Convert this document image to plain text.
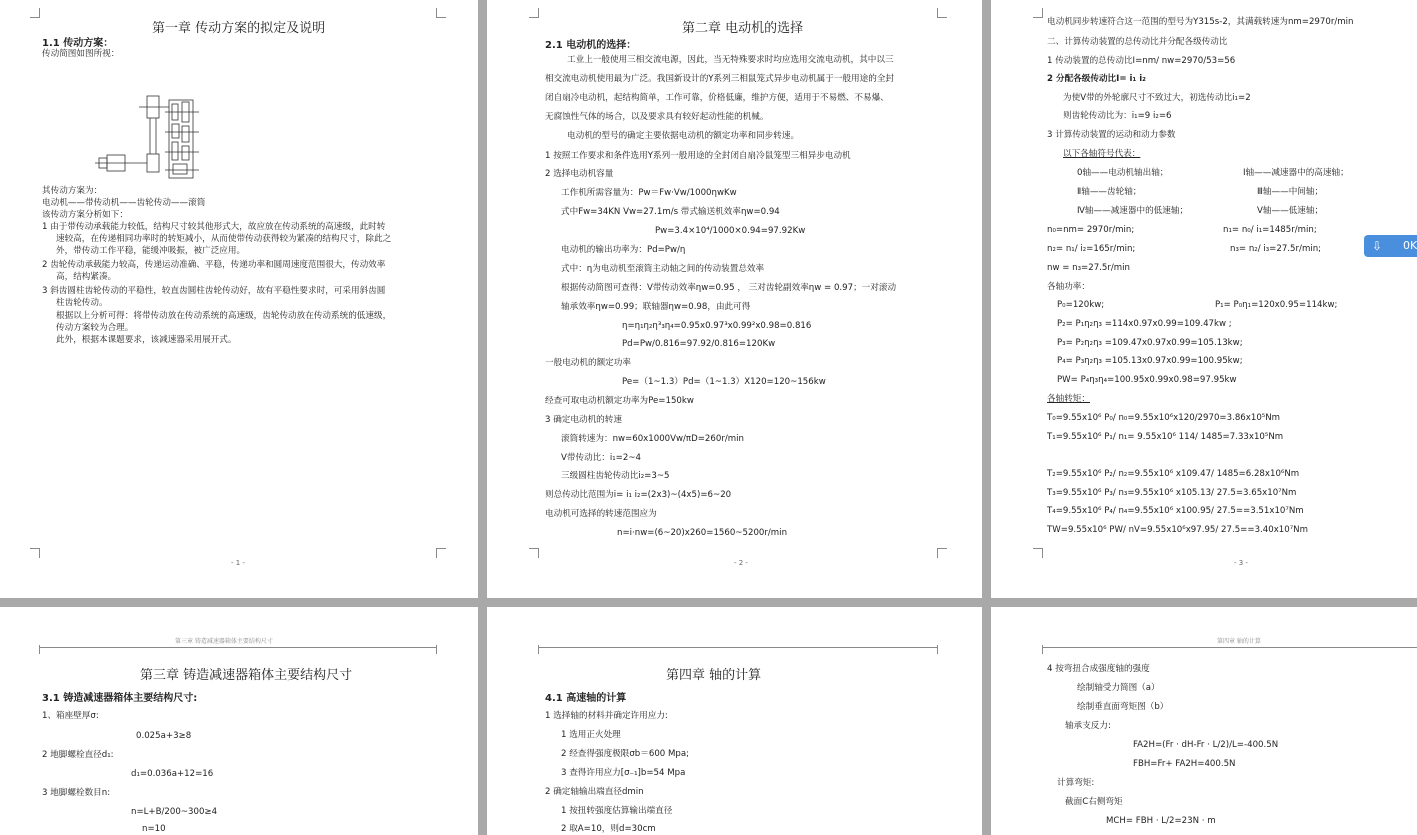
第一章 传动方案的拟定及说明
1.1 传动方案：
传动简图如图所视：
其传动方案为：
电动机——带传动机——齿轮传动——滚筒
该传动方案分析如下：
1 由于带传动承载能力较低，结构尺寸较其他形式大，故应放在传动系统的高速级，此时转
速较高，在传递相同功率时的转矩减小，从而使带传动获得较为紧凑的结构尺寸，除此之
外，带传动工作平稳，能缓冲吸振，被广泛应用。
2 齿轮传动承载能力较高，传递运动准确、平稳，传递功率和圆周速度范围很大，传动效率
高，结构紧凑。
3 斜齿圆柱齿轮传动的平稳性，较直齿圆柱齿轮传动好，故有平稳性要求时，可采用斜齿圆
柱齿轮传动。
根据以上分析可得：将带传动放在传动系统的高速级，齿轮传动放在传动系统的低速级，
传动方案较为合理。
此外，根据本课题要求，该减速器采用展开式。
- 1 -
第二章 电动机的选择
2.1 电动机的选择：
工业上一般使用三相交流电源，因此，当无特殊要求时均应选用交流电动机，其中以三
相交流电动机使用最为广泛。我国新设计的Y系列三相鼠笼式异步电动机属于一般用途的全封
闭自扇冷电动机，起结构简单，工作可靠，价格低廉，维护方便，适用于不易燃、不易爆、
无腐蚀性气体的场合，以及要求具有较好起动性能的机械。
电动机的型号的确定主要依据电动机的额定功率和同步转速。
1 按照工作要求和条件选用Y系列一般用途的全封闭自扇冷鼠笼型三相异步电动机
2 选择电动机容量
工作机所需容量为：Pw＝Fw·Vw/1000ηwKw
式中Fw=34KN Vw=27.1m/s 带式输送机效率ηw=0.94
Pw=3.4×10⁴/1000×0.94=97.92Kw
电动机的输出功率为：Pd=Pw/η
式中：η为电动机至滚筒主动轴之间的传动装置总效率
根据传动简图可查得：V带传动效率ηw=0.95 ， 三对齿轮副效率ηw = 0.97；一对滚动
轴承效率ηw=0.99；联轴器ηw=0.98，由此可得
η=η₁η₂η³₃η₄=0.95x0.97³x0.99²x0.98=0.816
Pd=Pw/0.816=97.92/0.816=120Kw
一般电动机的额定功率
Pe=（1~1.3）Pd=（1~1.3）X120=120~156kw
经查可取电动机额定功率为Pe=150kw
3 确定电动机的转速
滚筒转速为：nw=60x1000Vw/πD=260r/min
V带传动比：i₁=2~4
三级圆柱齿轮传动比i₂=3~5
则总传动比范围为i= i₁ i₂=(2x3)~(4x5)=6~20
电动机可选择的转速范围应为
n=i·nw=(6~20)x260=1560~5200r/min
- 2 -
电动机同步转速符合这一范围的型号为Y315s-2，其满载转速为nm=2970r/min
二、计算传动装置的总传动比并分配各级传动比
1 传动装置的总传动比I=nm/ nw=2970/53=56
2 分配各级传动比I= i₁ i₂
为使V带的外轮廓尺寸不致过大，初选传动比i₁=2
则齿轮传动比为：i₁=9 i₂=6
3 计算传动装置的运动和动力参数
以下各轴符号代表：
0轴——电动机轴出轴；	Ⅰ轴——减速器中的高速轴；
Ⅱ轴——齿轮轴；	Ⅲ轴——中间轴；
Ⅳ轴——减速器中的低速轴；	Ⅴ轴——低速轴；
n₀=nm= 2970r/min;	n₁= n₀/ i₁=1485r/min;
n₂= n₁/ i₂=165r/min;	n₃= n₂/ i₃=27.5r/min;
nw = n₃=27.5r/min
各轴功率：
P₀=120kw;	P₁= P₀η₁=120x0.95=114kw;
P₂= P₁η₂η₃ =114x0.97x0.99=109.47kw ;
P₃= P₂η₂η₃ =109.47x0.97x0.99=105.13kw;
P₄= P₃η₂η₃ =105.13x0.97x0.99=100.95kw;
PW= P₄η₃η₄=100.95x0.99x0.98=97.95kw
各轴转矩：
T₀=9.55x10⁶ P₀/ n₀=9.55x10⁶x120/2970=3.86x10⁵Nm
T₁=9.55x10⁶ P₁/ n₁= 9.55x10⁶ 114/ 1485=7.33x10⁵Nm
T₂=9.55x10⁶ P₂/ n₂=9.55x10⁶ x109.47/ 1485=6.28x10⁶Nm
T₃=9.55x10⁶ P₃/ n₃=9.55x10⁶ x105.13/ 27.5=3.65x10⁷Nm
T₄=9.55x10⁶ P₄/ n₄=9.55x10⁶ x100.95/ 27.5==3.51x10⁷Nm
TW=9.55x10⁶ PW/ nV=9.55x10⁶x97.95/ 27.5==3.40x10⁷Nm
- 3 -
第三章 铸造减速器箱体主要结构尺寸
第三章 铸造减速器箱体主要结构尺寸
3.1 铸造减速器箱体主要结构尺寸:
1、箱座壁厚σ:
0.025a+3≥8
2 地脚螺栓直径d₁:
d₁=0.036a+12=16
3 地脚螺栓数目n:
n=L+B/200~300≥4
n=10
第四章 轴的计算
4.1 高速轴的计算
1 选择轴的材料并确定许用应力:
1 选用正火处理
2 经查得强度极限σb＝600 Mpa;
3 查得许用应力[σ₋₁]b=54 Mpa
2 确定轴输出端直径dmin
1 按扭转强度估算输出端直径
2 取A=10，则d=30cm
第四章 轴的计算
4 按弯扭合成强度轴的强度
绘制轴受力简图（a）
绘制垂直面弯矩图（b）
轴承支反力:
FA2H=(Fr · dH-Fr · L/2)/L=-400.5N
FBH=Fr+ FA2H=400.5N
计算弯矩:
截面C右侧弯矩
MCH= FBH · L/2=23N · m
⇩ 0K
